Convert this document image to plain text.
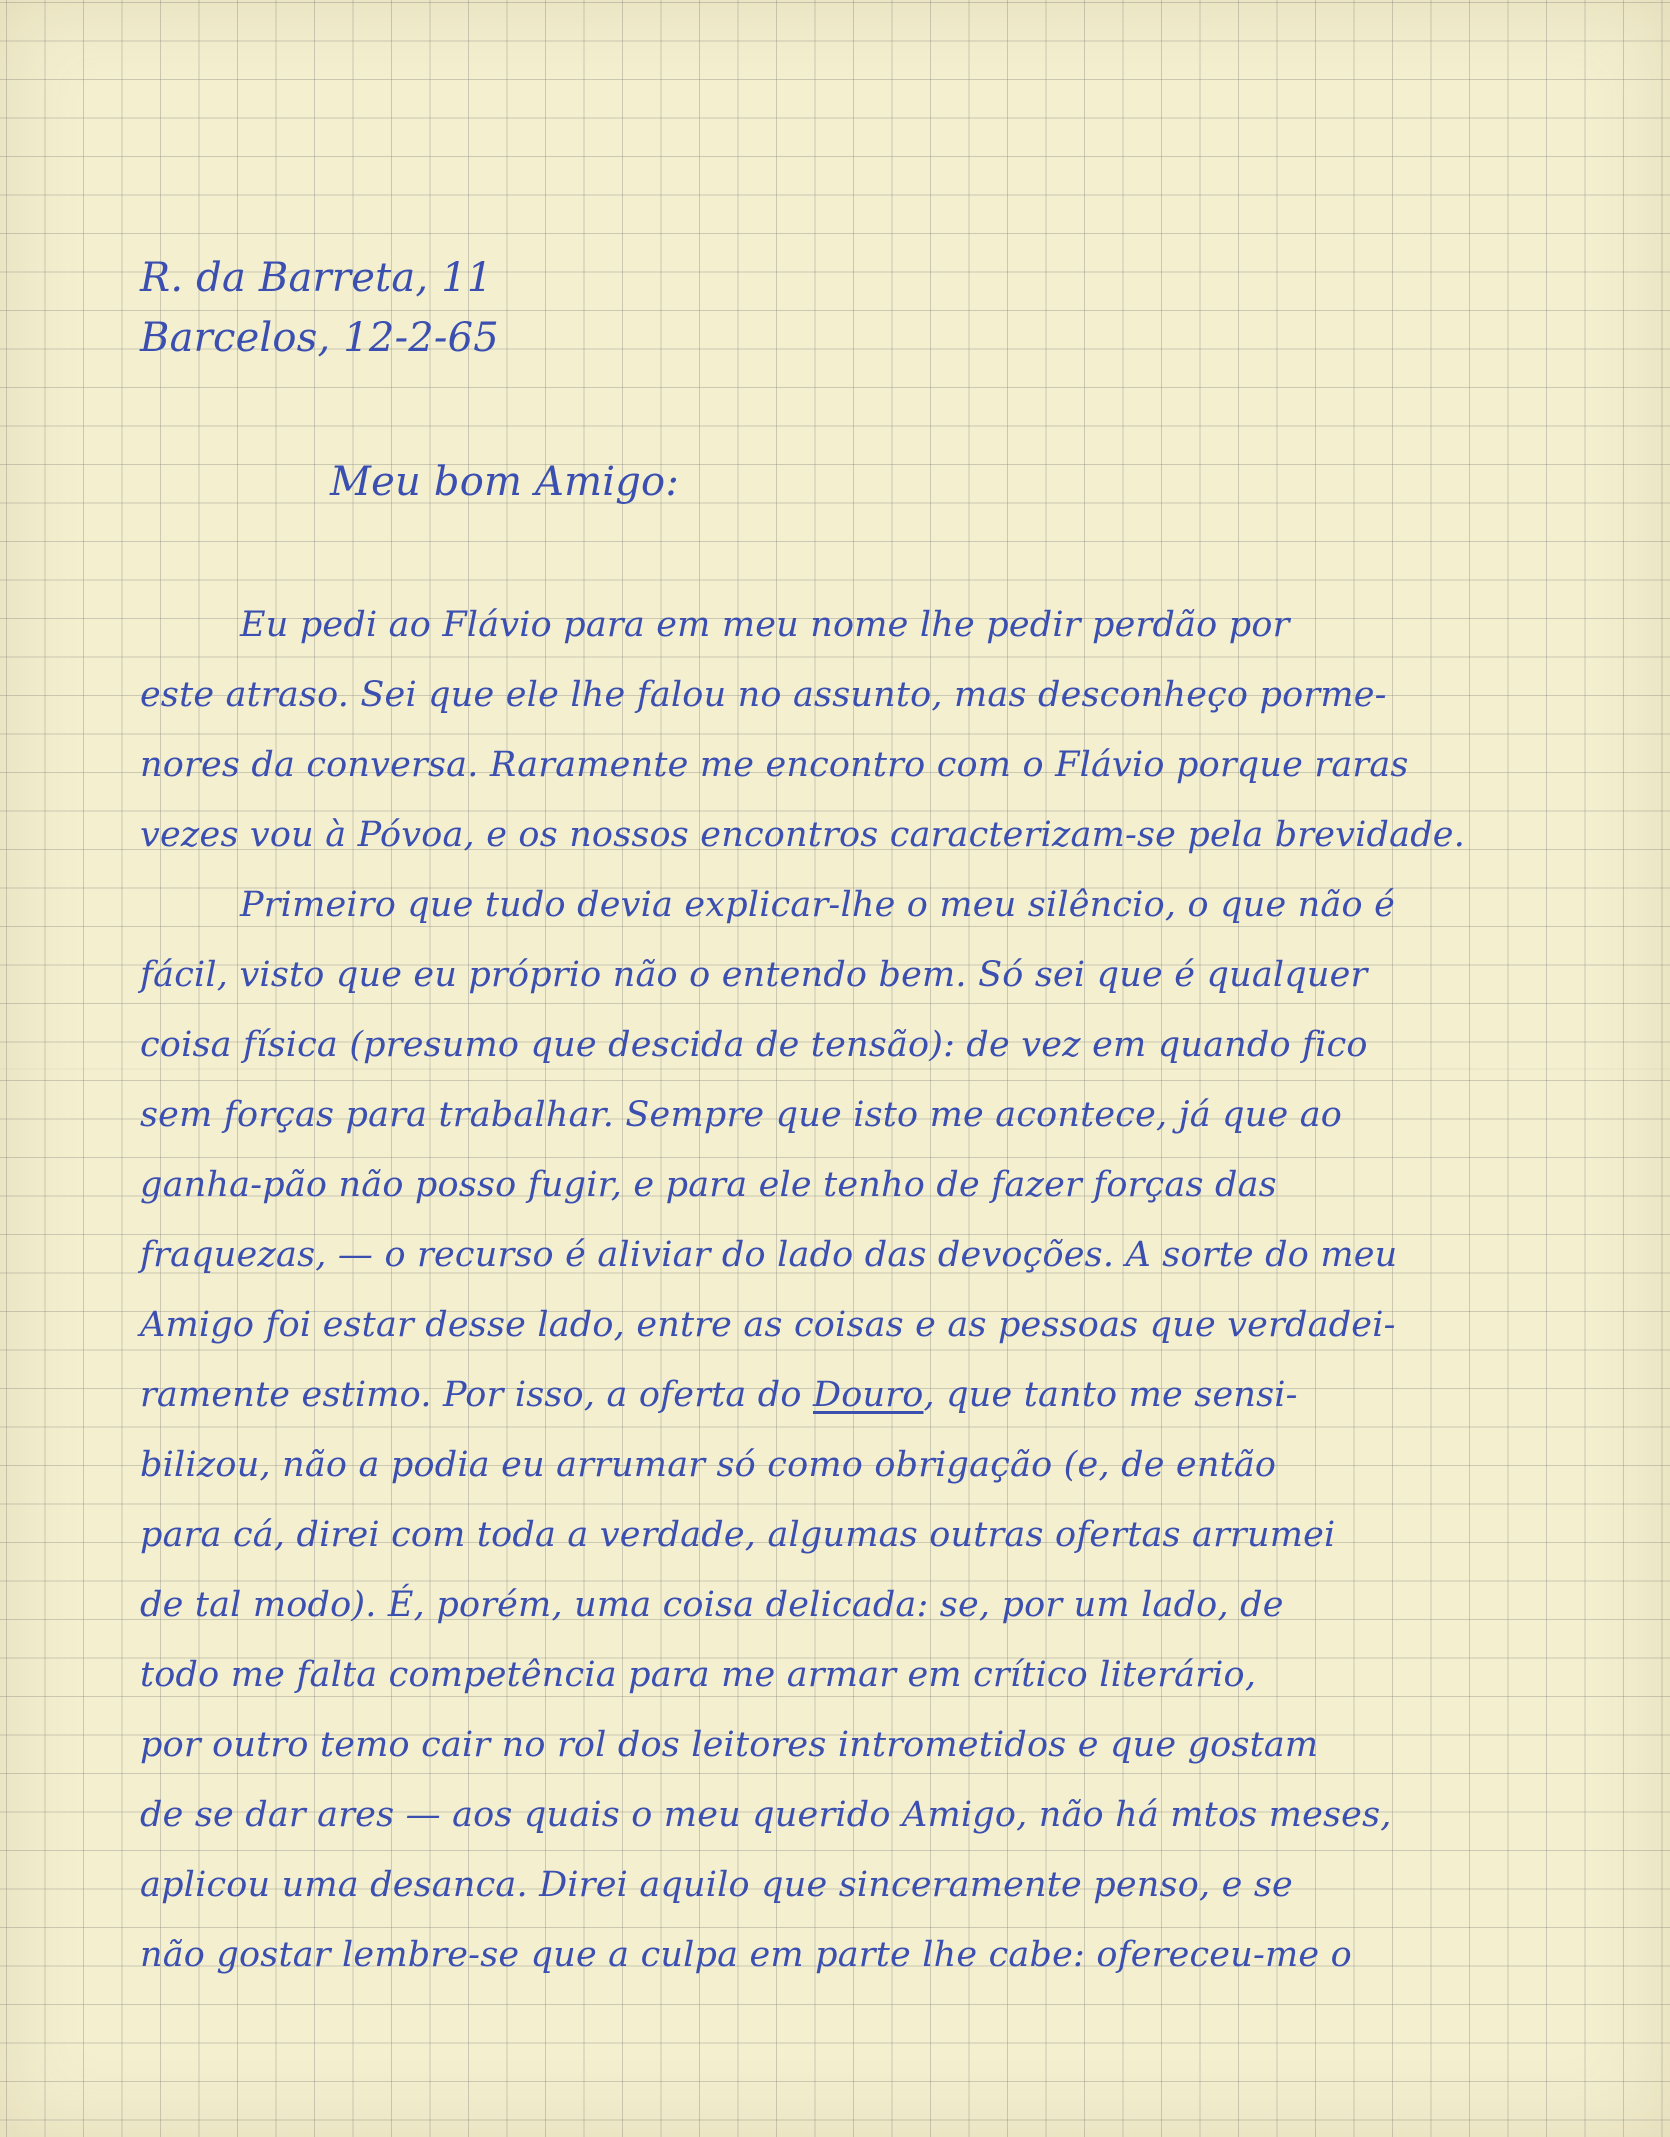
R. da Barreta, 11
Barcelos, 12-2-65
Meu bom Amigo:
Eu pedi ao Flávio para em meu nome lhe pedir perdão por
este atraso. Sei que ele lhe falou no assunto, mas desconheço porme-
nores da conversa. Raramente me encontro com o Flávio porque raras
vezes vou à Póvoa, e os nossos encontros caracterizam-se pela brevidade.
Primeiro que tudo devia explicar-lhe o meu silêncio, o que não é
fácil, visto que eu próprio não o entendo bem. Só sei que é qualquer
coisa física (presumo que descida de tensão): de vez em quando fico
sem forças para trabalhar. Sempre que isto me acontece, já que ao
ganha-pão não posso fugir, e para ele tenho de fazer forças das
fraquezas, — o recurso é aliviar do lado das devoções. A sorte do meu
Amigo foi estar desse lado, entre as coisas e as pessoas que verdadei-
ramente estimo. Por isso, a oferta do Douro, que tanto me sensi-
bilizou, não a podia eu arrumar só como obrigação (e, de então
para cá, direi com toda a verdade, algumas outras ofertas arrumei
de tal modo). É, porém, uma coisa delicada: se, por um lado, de
todo me falta competência para me armar em crítico literário,
por outro temo cair no rol dos leitores intrometidos e que gostam
de se dar ares — aos quais o meu querido Amigo, não há mtos meses,
aplicou uma desanca. Direi aquilo que sinceramente penso, e se
não gostar lembre-se que a culpa em parte lhe cabe: ofereceu-me o
